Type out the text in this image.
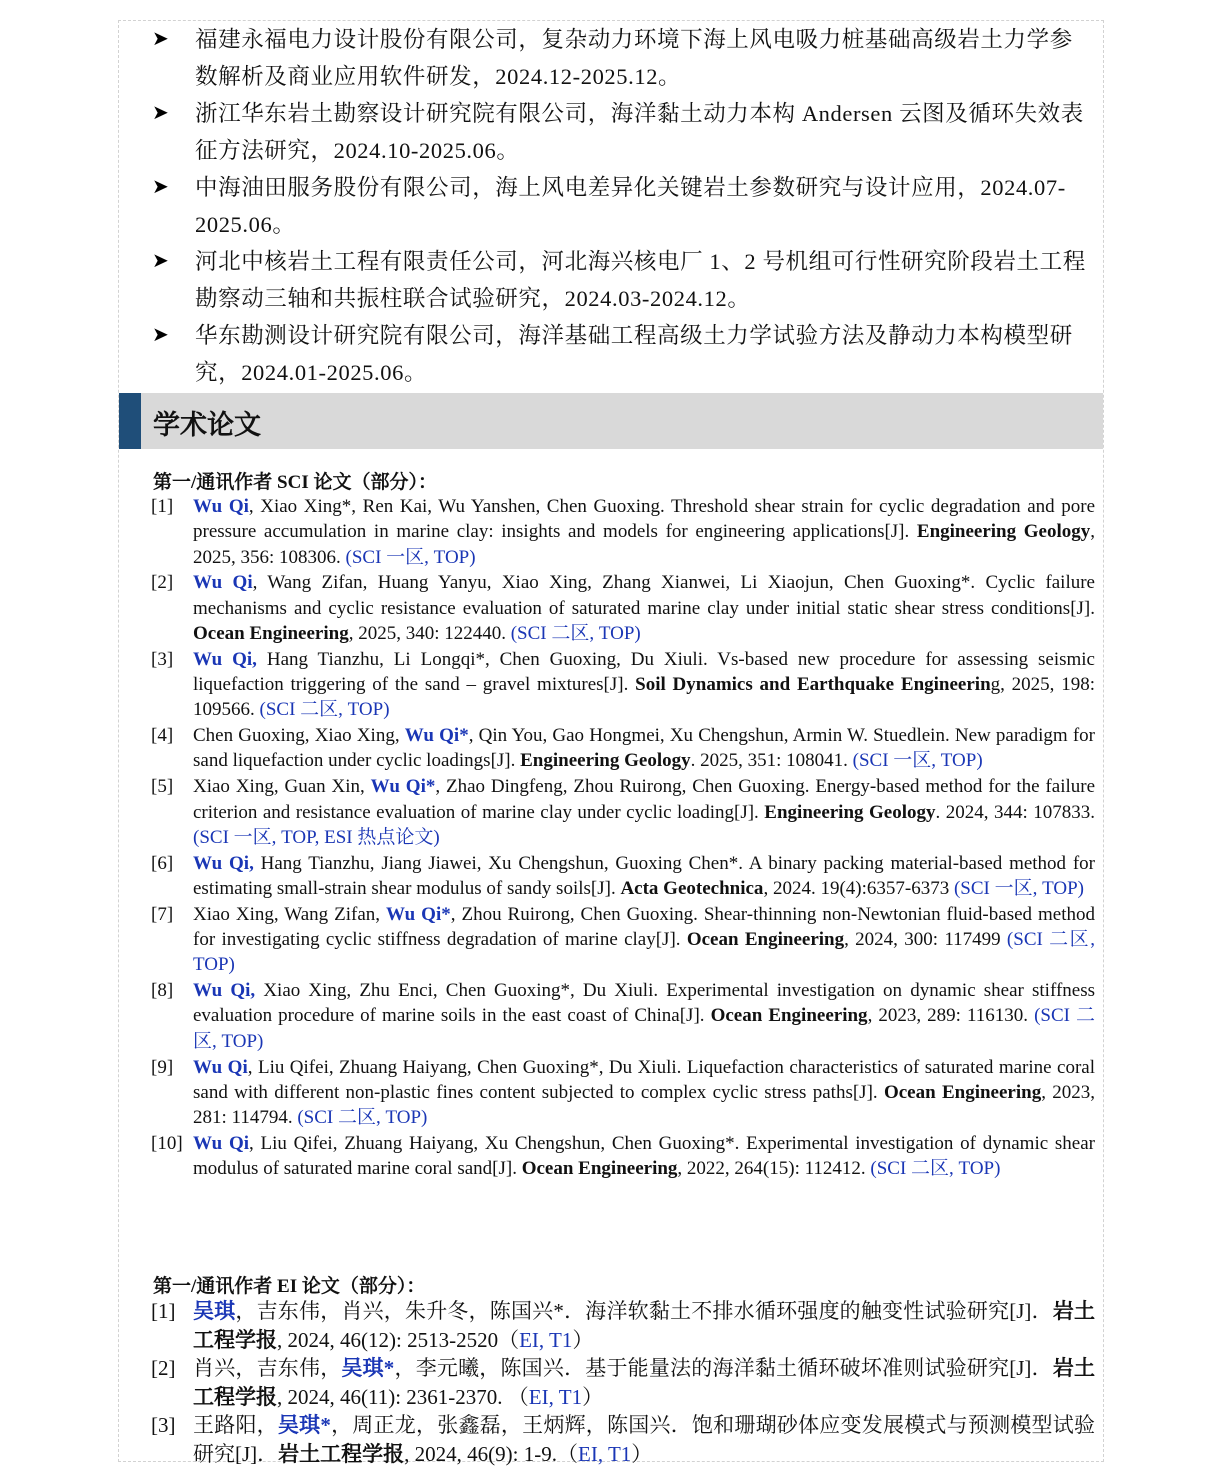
➤ 福建永福电力设计股份有限公司，复杂动力环境下海上风电吸力桩基础高级岩土力学参数解析及商业应用软件研发，2024.12-2025.12。
➤ 浙江华东岩土勘察设计研究院有限公司，海洋黏土动力本构 Andersen 云图及循环失效表征方法研究，2024.10-2025.06。
➤ 中海油田服务股份有限公司，海上风电差异化关键岩土参数研究与设计应用，2024.07-2025.06。
➤ 河北中核岩土工程有限责任公司，河北海兴核电厂 1、2 号机组可行性研究阶段岩土工程勘察动三轴和共振柱联合试验研究，2024.03-2024.12。
➤ 华东勘测设计研究院有限公司，海洋基础工程高级土力学试验方法及静动力本构模型研究，2024.01-2025.06。
学术论文
第一/通讯作者 SCI 论文（部分）：
[1] Wu Qi, Xiao Xing*, Ren Kai, Wu Yanshen, Chen Guoxing. Threshold shear strain for cyclic degradation and pore pressure accumulation in marine clay: insights and models for engineering applications[J]. Engineering Geology, 2025, 356: 108306. (SCI 一区, TOP)
[2] Wu Qi, Wang Zifan, Huang Yanyu, Xiao Xing, Zhang Xianwei, Li Xiaojun, Chen Guoxing*. Cyclic failure mechanisms and cyclic resistance evaluation of saturated marine clay under initial static shear stress conditions[J]. Ocean Engineering, 2025, 340: 122440. (SCI 二区, TOP)
[3] Wu Qi, Hang Tianzhu, Li Longqi*, Chen Guoxing, Du Xiuli. Vs-based new procedure for assessing seismic liquefaction triggering of the sand – gravel mixtures[J]. Soil Dynamics and Earthquake Engineering, 2025, 198: 109566. (SCI 二区, TOP)
[4] Chen Guoxing, Xiao Xing, Wu Qi*, Qin You, Gao Hongmei, Xu Chengshun, Armin W. Stuedlein. New paradigm for sand liquefaction under cyclic loadings[J]. Engineering Geology. 2025, 351: 108041. (SCI 一区, TOP)
[5] Xiao Xing, Guan Xin, Wu Qi*, Zhao Dingfeng, Zhou Ruirong, Chen Guoxing. Energy-based method for the failure criterion and resistance evaluation of marine clay under cyclic loading[J]. Engineering Geology. 2024, 344: 107833. (SCI 一区, TOP, ESI 热点论文)
[6] Wu Qi, Hang Tianzhu, Jiang Jiawei, Xu Chengshun, Guoxing Chen*. A binary packing material-based method for estimating small-strain shear modulus of sandy soils[J]. Acta Geotechnica, 2024. 19(4):6357-6373 (SCI 一区, TOP)
[7] Xiao Xing, Wang Zifan, Wu Qi*, Zhou Ruirong, Chen Guoxing. Shear-thinning non-Newtonian fluid-based method for investigating cyclic stiffness degradation of marine clay[J]. Ocean Engineering, 2024, 300: 117499 (SCI 二区, TOP)
[8] Wu Qi, Xiao Xing, Zhu Enci, Chen Guoxing*, Du Xiuli. Experimental investigation on dynamic shear stiffness evaluation procedure of marine soils in the east coast of China[J]. Ocean Engineering, 2023, 289: 116130. (SCI 二区, TOP)
[9] Wu Qi, Liu Qifei, Zhuang Haiyang, Chen Guoxing*, Du Xiuli. Liquefaction characteristics of saturated marine coral sand with different non-plastic fines content subjected to complex cyclic stress paths[J]. Ocean Engineering, 2023, 281: 114794. (SCI 二区, TOP)
[10] Wu Qi, Liu Qifei, Zhuang Haiyang, Xu Chengshun, Chen Guoxing*. Experimental investigation of dynamic shear modulus of saturated marine coral sand[J]. Ocean Engineering, 2022, 264(15): 112412. (SCI 二区, TOP)
第一/通讯作者 EI 论文（部分）：
[1] 吴琪，吉东伟，肖兴，朱升冬，陈国兴*．海洋软黏土不排水循环强度的触变性试验研究[J]．岩土工程学报, 2024, 46(12): 2513-2520（EI, T1）
[2] 肖兴，吉东伟，吴琪*，李元曦，陈国兴．基于能量法的海洋黏土循环破坏准则试验研究[J]．岩土工程学报, 2024, 46(11): 2361-2370. （EI, T1）
[3] 王路阳，吴琪*，周正龙，张鑫磊，王炳辉，陈国兴．饱和珊瑚砂体应变发展模式与预测模型试验研究[J]．岩土工程学报, 2024, 46(9): 1-9.（EI, T1）
